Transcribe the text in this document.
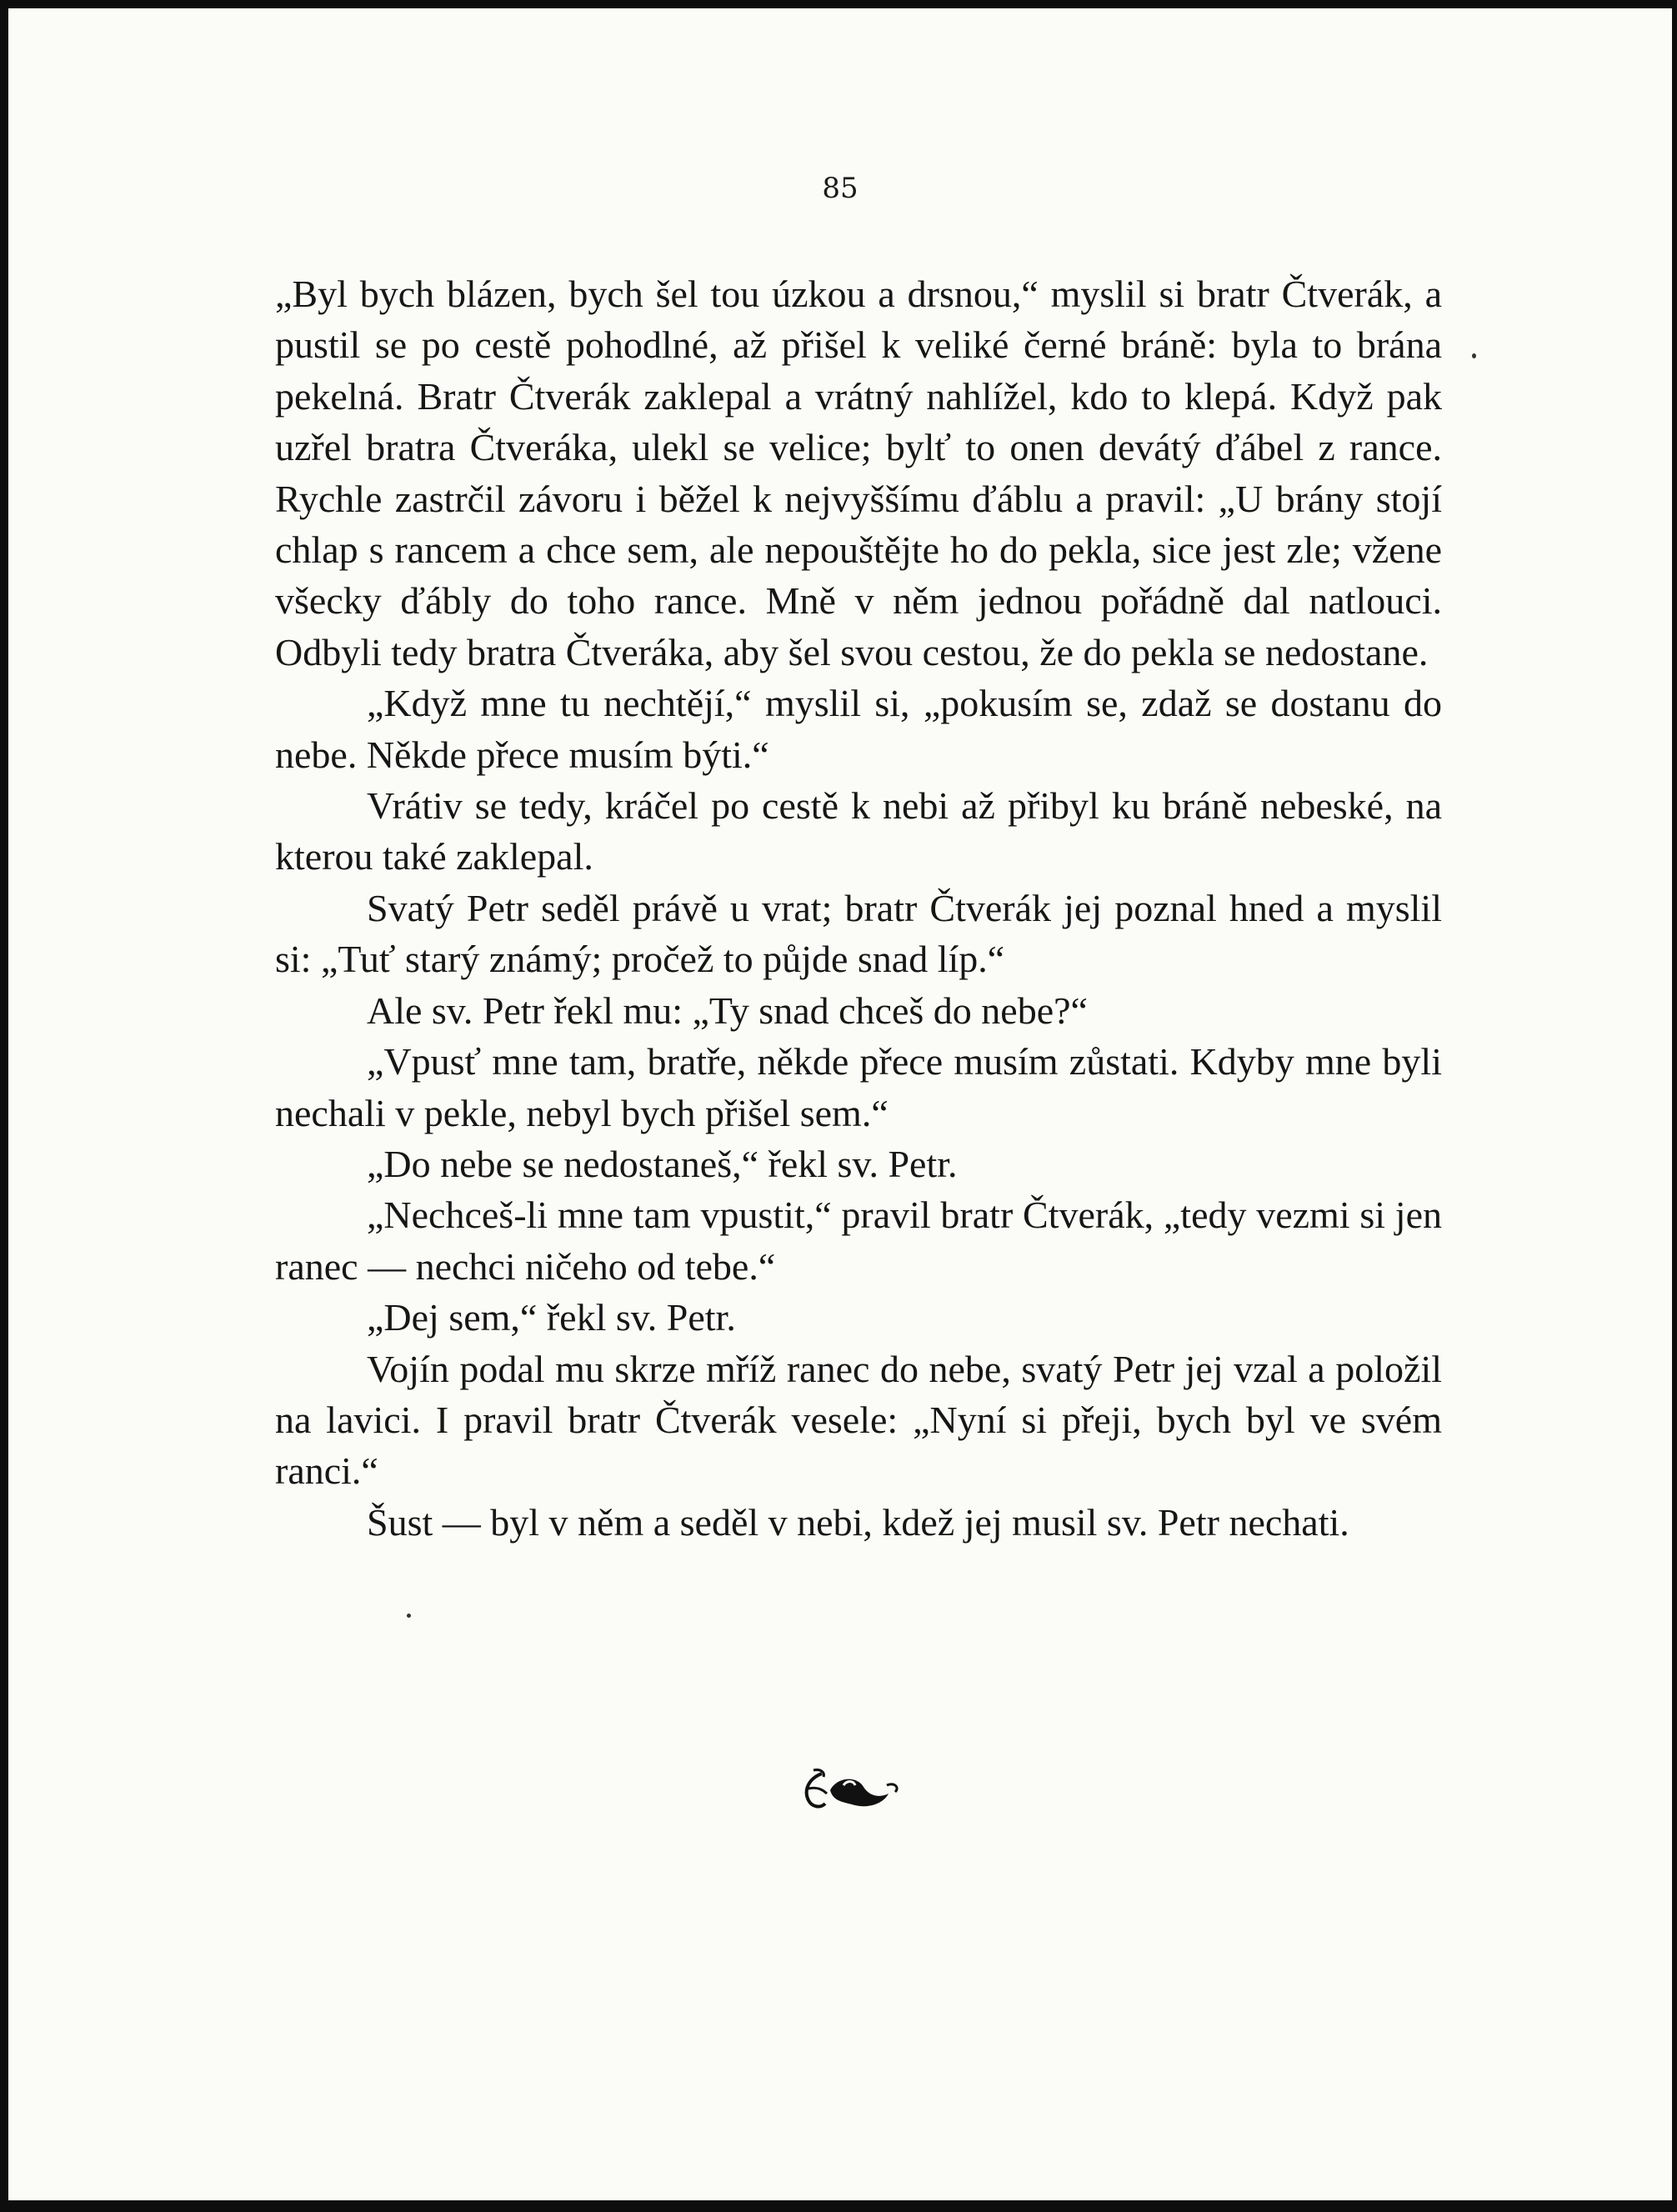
85

„Byl bych blázen, bych šel tou úzkou a drsnou,“ myslil si bratr Čtverák, a pustil se po cestě pohodlné, až přišel k veliké černé bráně: byla to brána pekelná. Bratr Čtverák zaklepal a vrátný nahlížel, kdo to klepá. Když pak uzřel bratra Čtveráka, ulekl se velice; bylť to onen devátý ďábel z rance. Rychle zastrčil závoru i běžel k nejvyššímu ďáblu a pravil: „U brány stojí chlap s rancem a chce sem, ale nepouštějte ho do pekla, sice jest zle; vžene všecky ďábly do toho rance. Mně v něm jednou pořádně dal natlouci. Odbyli tedy bratra Čtveráka, aby šel svou cestou, že do pekla se nedostane.

„Když mne tu nechtějí,“ myslil si, „pokusím se, zdaž se dostanu do nebe. Někde přece musím býti.“

Vrátiv se tedy, kráčel po cestě k nebi až přibyl ku bráně nebeské, na kterou také zaklepal.

Svatý Petr seděl právě u vrat; bratr Čtverák jej poznal hned a myslil si: „Tuť starý známý; pročež to půjde snad líp.“

Ale sv. Petr řekl mu: „Ty snad chceš do nebe?“

„Vpusť mne tam, bratře, někde přece musím zůstati. Kdyby mne byli nechali v pekle, nebyl bych přišel sem.“

„Do nebe se nedostaneš,“ řekl sv. Petr.

„Nechceš-li mne tam vpustit,“ pravil bratr Čtverák, „tedy vezmi si jen ranec — nechci ničeho od tebe.“

„Dej sem,“ řekl sv. Petr.

Vojín podal mu skrze mříž ranec do nebe, svatý Petr jej vzal a položil na lavici. I pravil bratr Čtverák vesele: „Nyní si přeji, bych byl ve svém ranci.“

Šust — byl v něm a seděl v nebi, kdež jej musil sv. Petr nechati.
